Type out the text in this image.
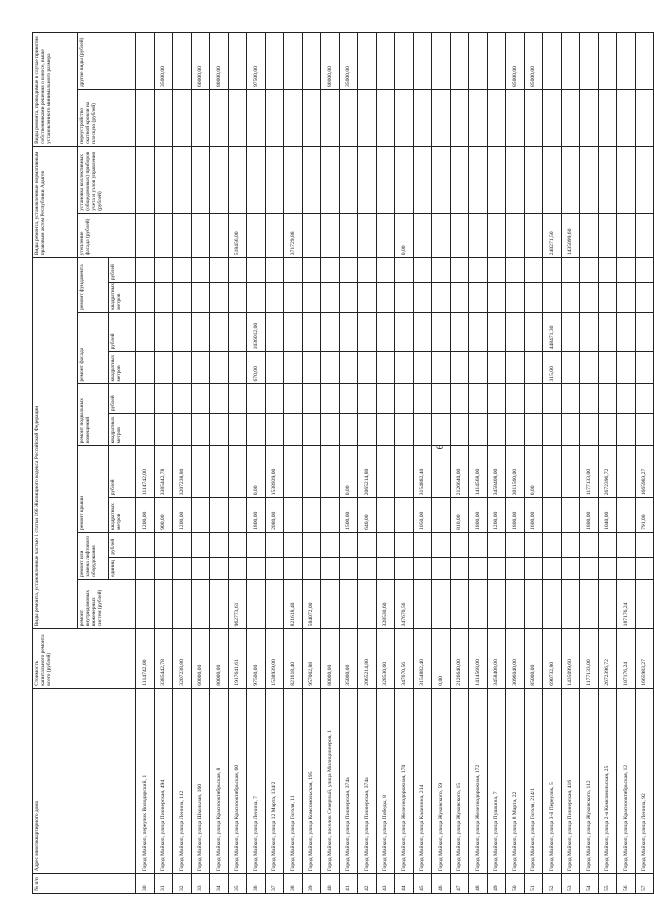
6
№ п/п	Адрес многоквартирного дома	Стоимость капитального ремонта всего (рублей)	Виды ремонта, установленные частью 1 статьи 166 Жилищного кодекса Российской Федерации											Виды ремонта, установленные нормативным правовым актом Республики Адыгея		Виды ремонта, проводимые в случае принятия собственниками решения о взносе, выше установленного минимального размера	
			ремонт внутридомовых инженерных систем (рублей)	ремонт или замена лифтового оборудования		ремонт крыши		ремонт подвальных помещений		ремонт фасада		ремонт фундамента		утепление фасада (рублей)	установка коллективных (общедомовых) приборов учета и узлов управления (рублей)	переустройство скатной кровли на плоскую (рублей)	другие виды (рублей)
				единиц	рублей	квадратных метров	рублей	квадратных метров	рублей	квадратных метров	рублей	квадратных метров	рублей				
30	Город Майкоп, переулок Володарский, 1	1114742,00				1200,00	1114742,00										
31	Город Майкоп, улица Пионерская, 494	3385442,78				900,00	3385442,78										35000,00
32	Город Майкоп, улица Ленина, 112	3207238,80				1200,00	3207238,80										
33	Город Майкоп, улица Школьная, 160	60000,00															60000,00
34	Город Майкоп, улица Краснооктябрьская, 8	80000,00															80000,00
35	Город Майкоп, улица Краснооктябрьская, 60	1917641,61	962773,61											518456,00			
36	Город Майкоп, улица Ленина, 7	97500,00				1800,00	0,00			670,00	1036012,00						97500,00
37	Город Майкоп, улица 12 Марта, 134/2	1538939,00				2080,00	1538939,00										
38	Город Майкоп, улица Гоголя, 11	821618,40	821618,40											371729,88			
39	Город Майкоп, улица Комсомольская, 195	957002,88	584072,00														
40	Город Майкоп, поселок Северный, улица Милиционеров, 1	80000,00															80000,00
41	Город Майкоп, улица Пионерская, 374а	35000,00				1500,00	0,00										35000,00
42	Город Майкоп, улица Пионерская, 374а	2065214,80				640,00	2065214,80										
43	Город Майкоп, улица Победы, 8	328530,60	328530,60														
44	Город Майкоп, улица Железнодорожная, 170	347670,56	347670,56											0,00			
45	Город Майкоп, улица Калинина, 214	3154882,40				1050,00	3154882,40										
46	Город Майкоп, улица Жуковского, 59	0,00															
47	Город Майкоп, улица Жуковского, 15	2126640,00				810,00	2126640,00										
48	Город Майкоп, улица Железнодорожная, 172	1414568,00				1800,00	1414568,00										
49	Город Майкоп, улица Пушкина, 7	3458408,00				1200,00	3458408,00										
50	Город Майкоп, улица 8 Марта, 22	3096040,00				1800,00	3011560,00										85000,00
51	Город Майкоп, улица Гоголя, 214/1	85000,00				1600,00	0,00										85000,00
52	Город Майкоп, улица 3-й Переулок, 5	690732,80								315,00	448471,30			240271,50			
53	Город Майкоп, улица Пионерская, 416	1435099,60												1435099,60			
54	Город Майкоп, улица Жуковского, 112	1177133,00				1800,00	1177133,00										
55	Город Майкоп, улица 2-я Комсомольская, 25	2672396,72				1040,00	2672396,72										
56	Город Майкоп, улица Краснооктябрьская, 12	187176,24	187176,24														
57	Город Майкоп, улица Ленина, 92	1665983,27				791,00	1665983,27										
